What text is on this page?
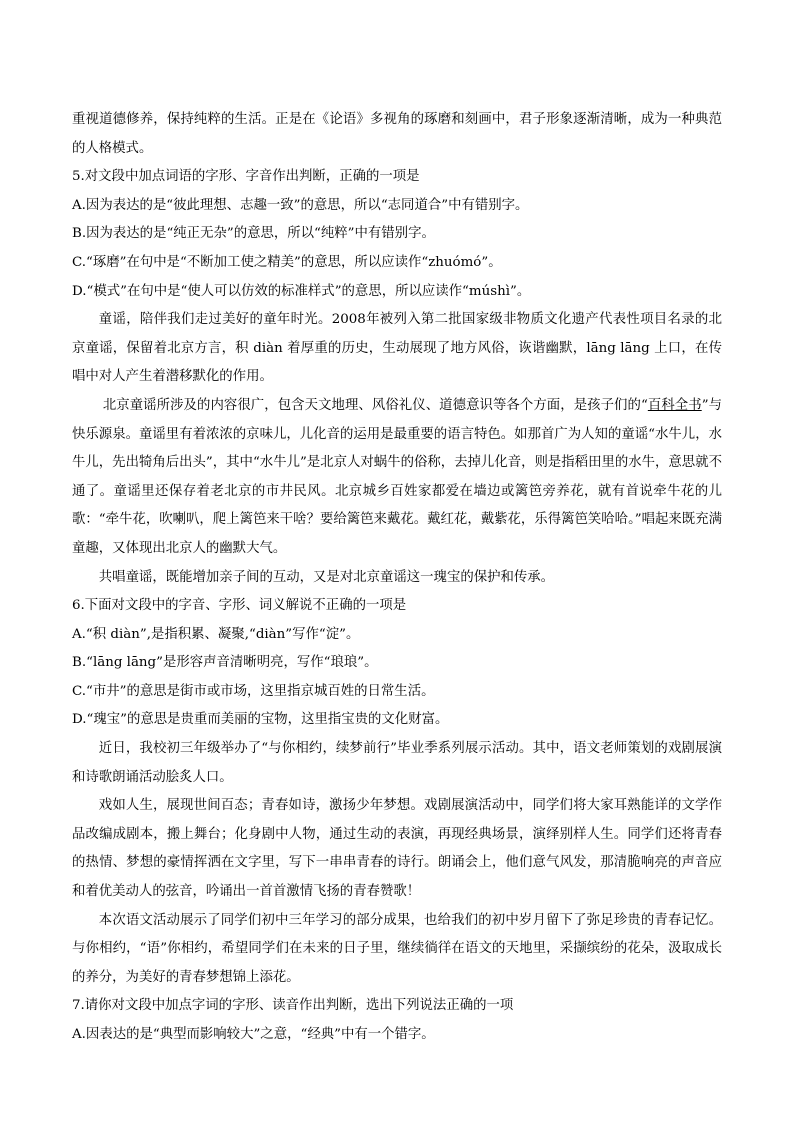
重视道德修养，保持纯粹的生活。正是在《论语》多视角的琢磨和刻画中，君子形象逐渐清晰，成为一种典范的人格模式。

5.对文段中加点词语的字形、字音作出判断，正确的一项是

A.因为表达的是“彼此理想、志趣一致”的意思，所以“志同道合”中有错别字。

B.因为表达的是“纯正无杂”的意思，所以“纯粹”中有错别字。

C.“琢磨”在句中是“不断加工使之精美”的意思，所以应读作“zhuómó”。

D.“模式”在句中是“使人可以仿效的标准样式”的意思，所以应读作“múshì”。

童谣，陪伴我们走过美好的童年时光。2008年被列入第二批国家级非物质文化遗产代表性项目名录的北京童谣，保留着北京方言，积 diàn 着厚重的历史，生动展现了地方风俗，诙谐幽默，lāng lāng 上口，在传唱中对人产生着潜移默化的作用。

北京童谣所涉及的内容很广，包含天文地理、风俗礼仪、道德意识等各个方面，是孩子们的“百科全书”与快乐源泉。童谣里有着浓浓的京味儿，儿化音的运用是最重要的语言特色。如那首广为人知的童谣“水牛儿，水牛儿，先出犄角后出头”，其中“水牛儿”是北京人对蜗牛的俗称，去掉儿化音，则是指稻田里的水牛，意思就不通了。童谣里还保存着老北京的市井民风。北京城乡百姓家都爱在墙边或篱笆旁养花，就有首说牵牛花的儿歌：“牵牛花，吹喇叭，爬上篱笆来干啥？要给篱笆来戴花。戴红花，戴紫花，乐得篱笆笑哈哈。”唱起来既充满童趣，又体现出北京人的幽默大气。

共唱童谣，既能增加亲子间的互动，又是对北京童谣这一瑰宝的保护和传承。

6.下面对文段中的字音、字形、词义解说不正确的一项是

A.“积 diàn”,是指积累、凝聚,“diàn”写作“淀”。

B.“lāng lāng”是形容声音清晰明亮，写作“琅琅”。

C.“市井”的意思是街市或市场，这里指京城百姓的日常生活。

D.“瑰宝”的意思是贵重而美丽的宝物，这里指宝贵的文化财富。

近日，我校初三年级举办了“与你相约，续梦前行”毕业季系列展示活动。其中，语文老师策划的戏剧展演和诗歌朗诵活动脍炙人口。

戏如人生，展现世间百态；青春如诗，激扬少年梦想。戏剧展演活动中，同学们将大家耳熟能详的文学作品改编成剧本，搬上舞台；化身剧中人物，通过生动的表演，再现经典场景，演绎别样人生。同学们还将青春的热情、梦想的豪情挥洒在文字里，写下一串串青春的诗行。朗诵会上，他们意气风发，那清脆响亮的声音应和着优美动人的弦音，吟诵出一首首激情飞扬的青春赞歌！

本次语文活动展示了同学们初中三年学习的部分成果，也给我们的初中岁月留下了弥足珍贵的青春记忆。与你相约，“语”你相约，希望同学们在未来的日子里，继续徜徉在语文的天地里，采撷缤纷的花朵，汲取成长的养分，为美好的青春梦想锦上添花。

7.请你对文段中加点字词的字形、读音作出判断，选出下列说法正确的一项

A.因表达的是“典型而影响较大”之意，“经典”中有一个错字。
